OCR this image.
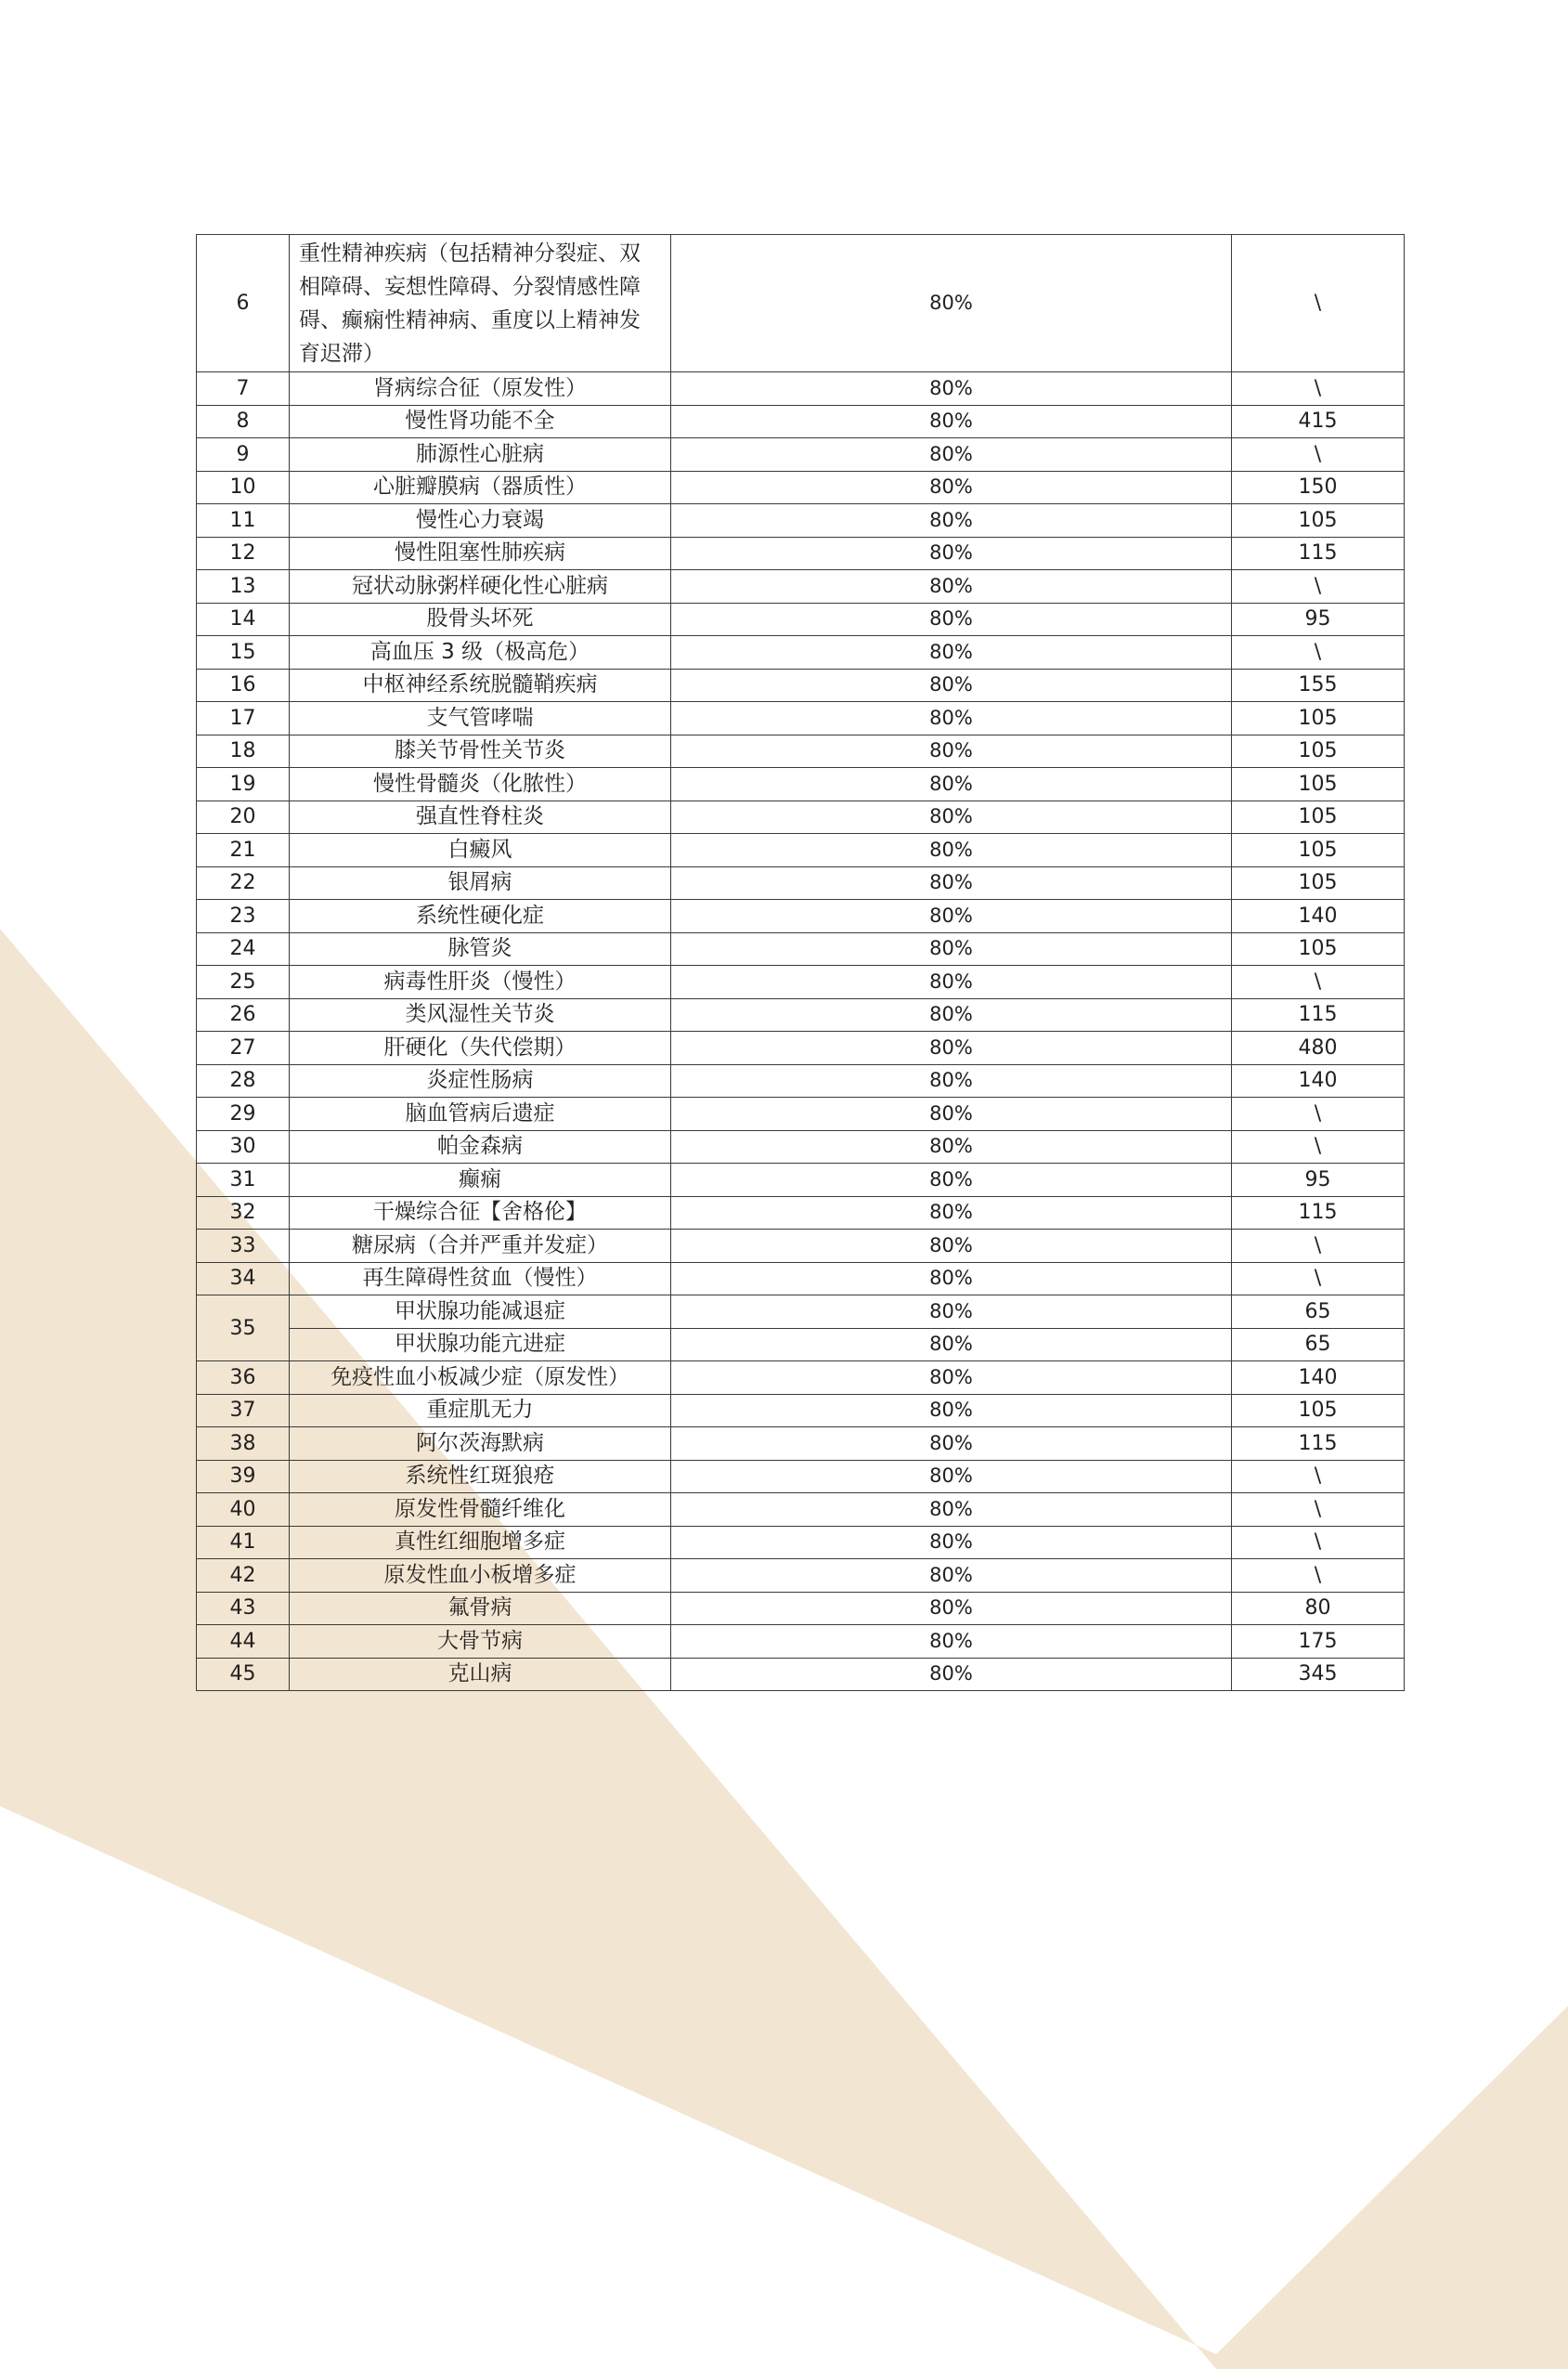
6	重性精神疾病（包括精神分裂症、双相障碍、妄想性障碍、分裂情感性障碍、癫痫性精神病、重度以上精神发育迟滞）	80%	\
7	肾病综合征（原发性）	80%	\
8	慢性肾功能不全	80%	415
9	肺源性心脏病	80%	\
10	心脏瓣膜病（器质性）	80%	150
11	慢性心力衰竭	80%	105
12	慢性阻塞性肺疾病	80%	115
13	冠状动脉粥样硬化性心脏病	80%	\
14	股骨头坏死	80%	95
15	高血压 3 级（极高危）	80%	\
16	中枢神经系统脱髓鞘疾病	80%	155
17	支气管哮喘	80%	105
18	膝关节骨性关节炎	80%	105
19	慢性骨髓炎（化脓性）	80%	105
20	强直性脊柱炎	80%	105
21	白癜风	80%	105
22	银屑病	80%	105
23	系统性硬化症	80%	140
24	脉管炎	80%	105
25	病毒性肝炎（慢性）	80%	\
26	类风湿性关节炎	80%	115
27	肝硬化（失代偿期）	80%	480
28	炎症性肠病	80%	140
29	脑血管病后遗症	80%	\
30	帕金森病	80%	\
31	癫痫	80%	95
32	干燥综合征【舍格伦】	80%	115
33	糖尿病（合并严重并发症）	80%	\
34	再生障碍性贫血（慢性）	80%	\
35	甲状腺功能减退症	80%	65
	甲状腺功能亢进症	80%	65
36	免疫性血小板减少症（原发性）	80%	140
37	重症肌无力	80%	105
38	阿尔茨海默病	80%	115
39	系统性红斑狼疮	80%	\
40	原发性骨髓纤维化	80%	\
41	真性红细胞增多症	80%	\
42	原发性血小板增多症	80%	\
43	氟骨病	80%	80
44	大骨节病	80%	175
45	克山病	80%	345
